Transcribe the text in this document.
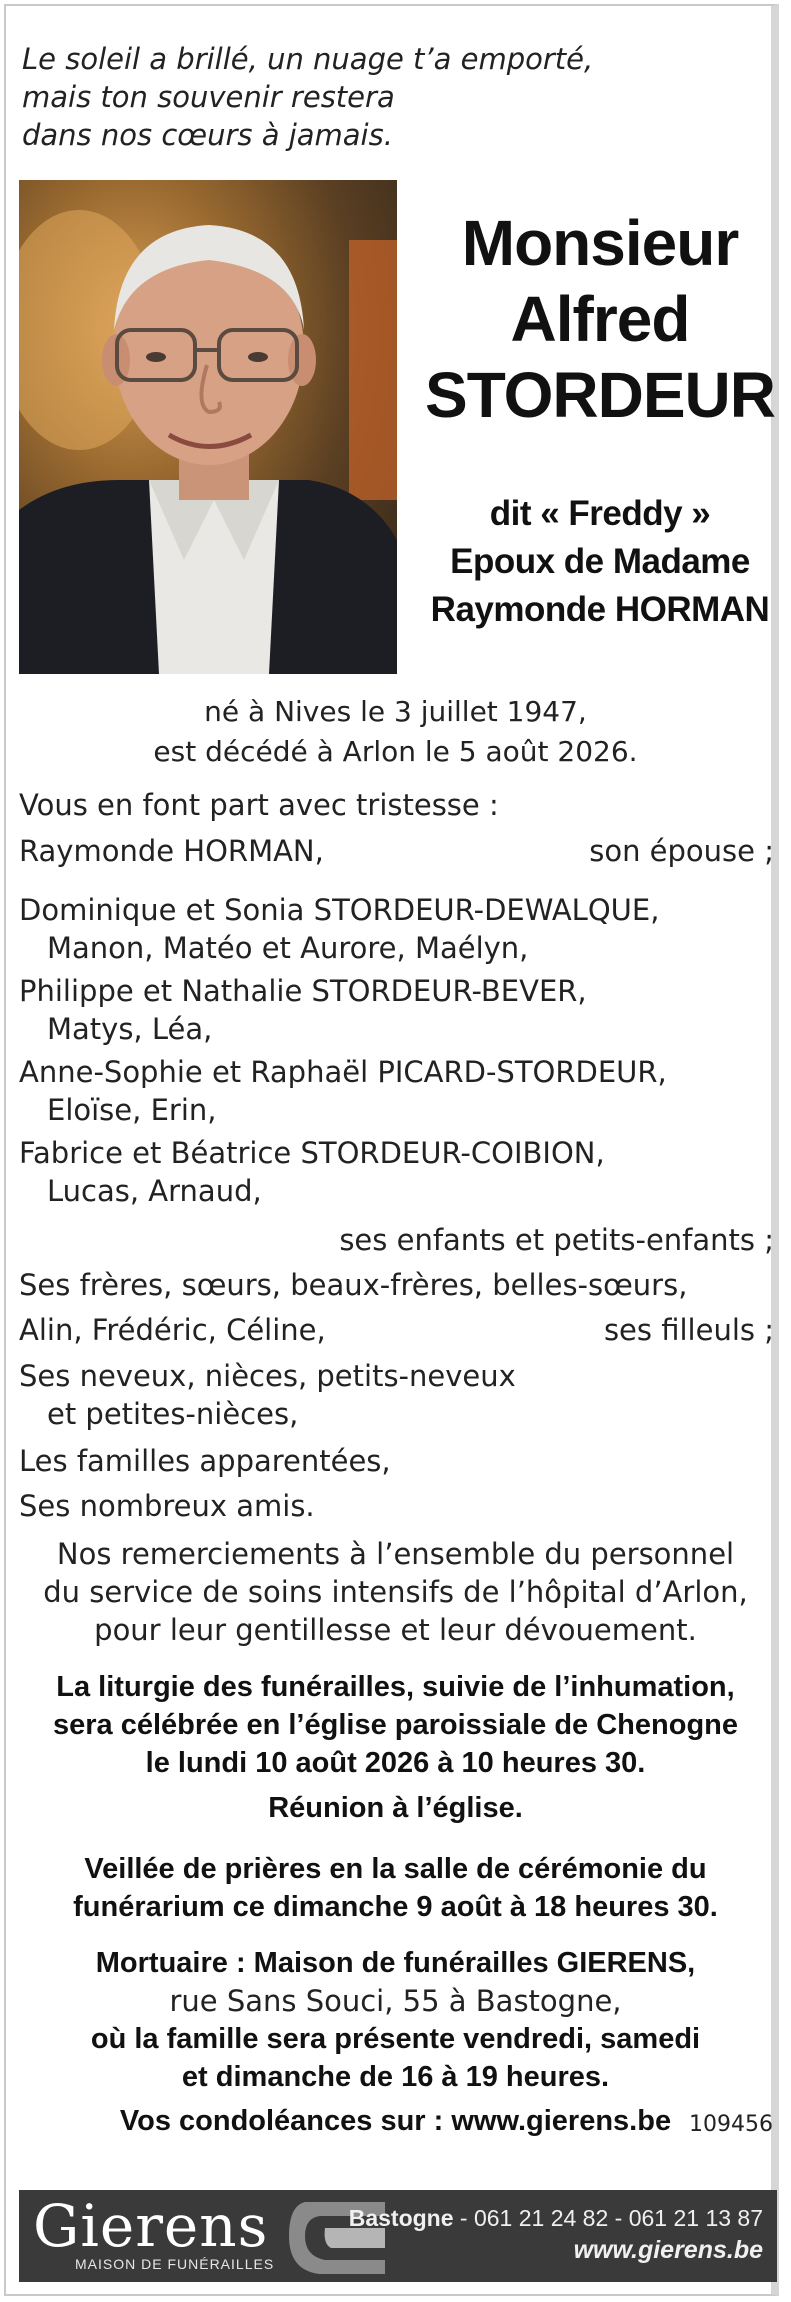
Le soleil a brillé, un nuage t’a emporté,
mais ton souvenir restera
dans nos cœurs à jamais.
Monsieur
Alfred
STORDEUR
dit « Freddy »
Epoux de Madame
Raymonde HORMAN
né à Nives le 3 juillet 1947,
est décédé à Arlon le 5 août 2026.
Vous en font part avec tristesse :
Raymonde HORMAN,	son épouse ;
Dominique et Sonia STORDEUR-DEWALQUE,
Manon, Matéo et Aurore, Maélyn,
Philippe et Nathalie STORDEUR-BEVER,
Matys, Léa,
Anne-Sophie et Raphaël PICARD-STORDEUR,
Eloïse, Erin,
Fabrice et Béatrice STORDEUR-COIBION,
Lucas, Arnaud,
ses enfants et petits-enfants ;
Ses frères, sœurs, beaux-frères, belles-sœurs,
Alin, Frédéric, Céline,	ses filleuls ;
Ses neveux, nièces, petits-neveux
et petites-nièces,
Les familles apparentées,
Ses nombreux amis.
Nos remerciements à l’ensemble du personnel
du service de soins intensifs de l’hôpital d’Arlon,
pour leur gentillesse et leur dévouement.
La liturgie des funérailles, suivie de l’inhumation,
sera célébrée en l’église paroissiale de Chenogne
le lundi 10 août 2026 à 10 heures 30.
Réunion à l’église.
Veillée de prières en la salle de cérémonie du
funérarium ce dimanche 9 août à 18 heures 30.
Mortuaire : Maison de funérailles GIERENS,
rue Sans Souci, 55 à Bastogne,
où la famille sera présente vendredi, samedi
et dimanche de 16 à 19 heures.
Vos condoléances sur : www.gierens.be 109456
Gierens
MAISON DE FUNÉRAILLES
Bastogne - 061 21 24 82 - 061 21 13 87
www.gierens.be
